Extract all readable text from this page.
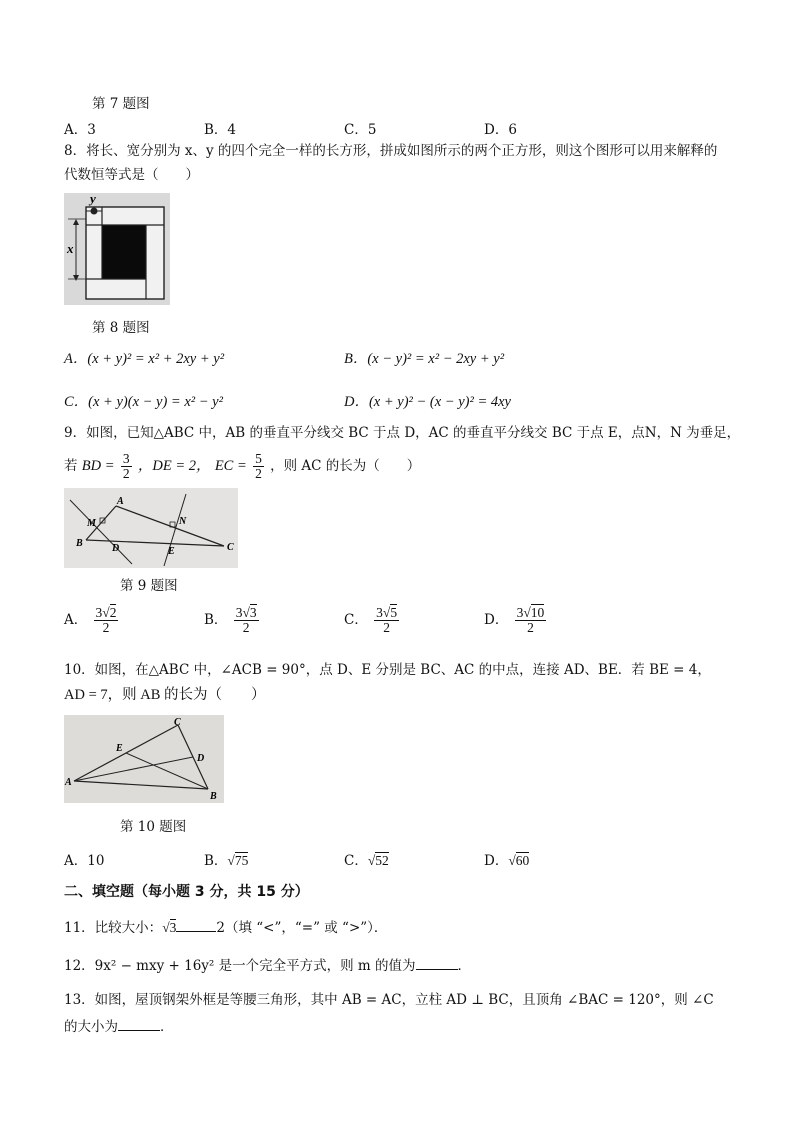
第 7 题图
A．3	B．4	C．5	D．6
8．将长、宽分别为 x、y 的四个完全一样的长方形，拼成如图所示的两个正方形，则这个图形可以用来解释的
代数恒等式是（　　）
x
y
第 8 题图
A．(x + y)² = x² + 2xy + y²	B．(x − y)² = x² − 2xy + y²
C．(x + y)(x − y) = x² − y²	D．(x + y)² − (x − y)² = 4xy
9．如图，已知△ABC 中，AB 的垂直平分线交 BC 于点 D，AC 的垂直平分线交 BC 于点 E，点N，N 为垂足，
若 BD = $\frac{3}{2}$ ，DE = 2， EC = $\frac{5}{2}$ ，则 AC 的长为（　　）
A
M	N
B	D	E	C
第 9 题图
A． $\frac{3√2}{2}$	B． $\frac{3√3}{2}$	C． $\frac{3√5}{2}$	D． $\frac{3√10}{2}$
10．如图，在△ABC 中，∠ACB = 90°，点 D、E 分别是 BC、AC 的中点，连接 AD、BE．若 BE = 4，
AD = 7，则 AB 的长为（　　）
C
E
D
A
B
第 10 题图
A．10	B．√75	C．√52	D．√60
二、填空题（每小题 3 分，共 15 分）
11．比较大小：√3	2（填 “<”，“=” 或 “>”）．
12．9x² − mxy + 16y² 是一个完全平方式，则 m 的值为	．
13．如图，屋顶钢架外框是等腰三角形，其中 AB = AC，立柱 AD ⊥ BC，且顶角 ∠BAC = 120°，则 ∠C
的大小为	．
